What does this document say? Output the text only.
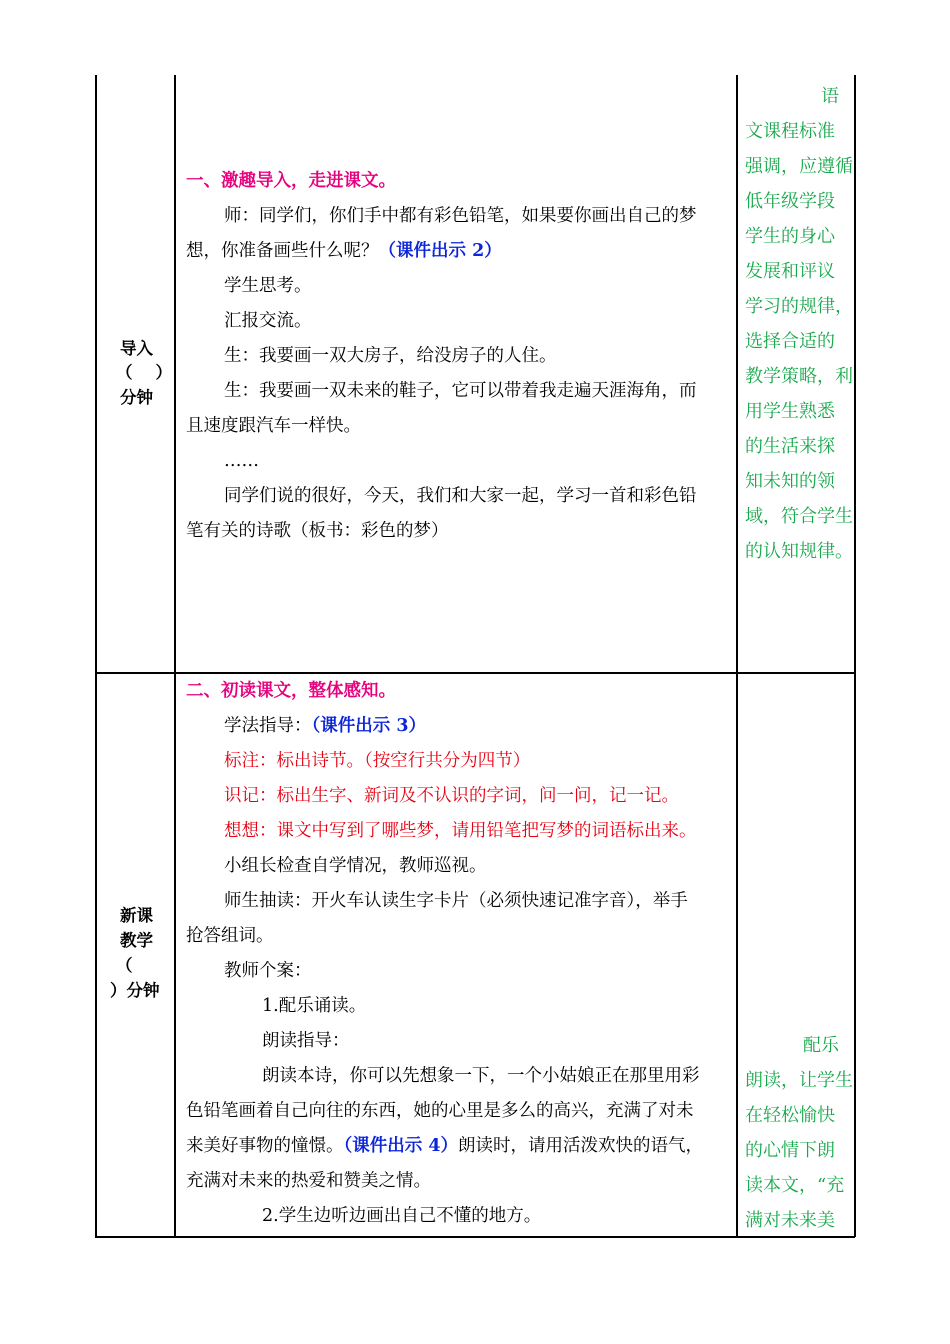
导入
（    ）
分钟
一、激趣导入，走进课文。
师：同学们，你们手中都有彩色铅笔，如果要你画出自己的梦
想，你准备画些什么呢？（课件出示 2）
学生思考。
汇报交流。
生：我要画一双大房子，给没房子的人住。
生：我要画一双未来的鞋子，它可以带着我走遍天涯海角，而
且速度跟汽车一样快。
……
同学们说的很好，今天，我们和大家一起，学习一首和彩色铅
笔有关的诗歌（板书：彩色的梦）
语
文课程标准
强调，应遵循
低年级学段
学生的身心
发展和评议
学习的规律，
选择合适的
教学策略，利
用学生熟悉
的生活来探
知未知的领
域，符合学生
的认知规律。
新课
教学
（
）分钟
二、初读课文，整体感知。
学法指导：（课件出示 3）
标注：标出诗节。（按空行共分为四节）
识记：标出生字、新词及不认识的字词，问一问，记一记。
想想：课文中写到了哪些梦，请用铅笔把写梦的词语标出来。
小组长检查自学情况，教师巡视。
师生抽读：开火车认读生字卡片（必须快速记准字音），举手
抢答组词。
教师个案：
1.配乐诵读。
朗读指导：
朗读本诗，你可以先想象一下，一个小姑娘正在那里用彩
色铅笔画着自己向往的东西，她的心里是多么的高兴，充满了对未
来美好事物的憧憬。（课件出示 4）朗读时，请用活泼欢快的语气，
充满对未来的热爱和赞美之情。
2.学生边听边画出自己不懂的地方。
配乐
朗读，让学生
在轻松愉快
的心情下朗
读本文，“充
满对未来美
